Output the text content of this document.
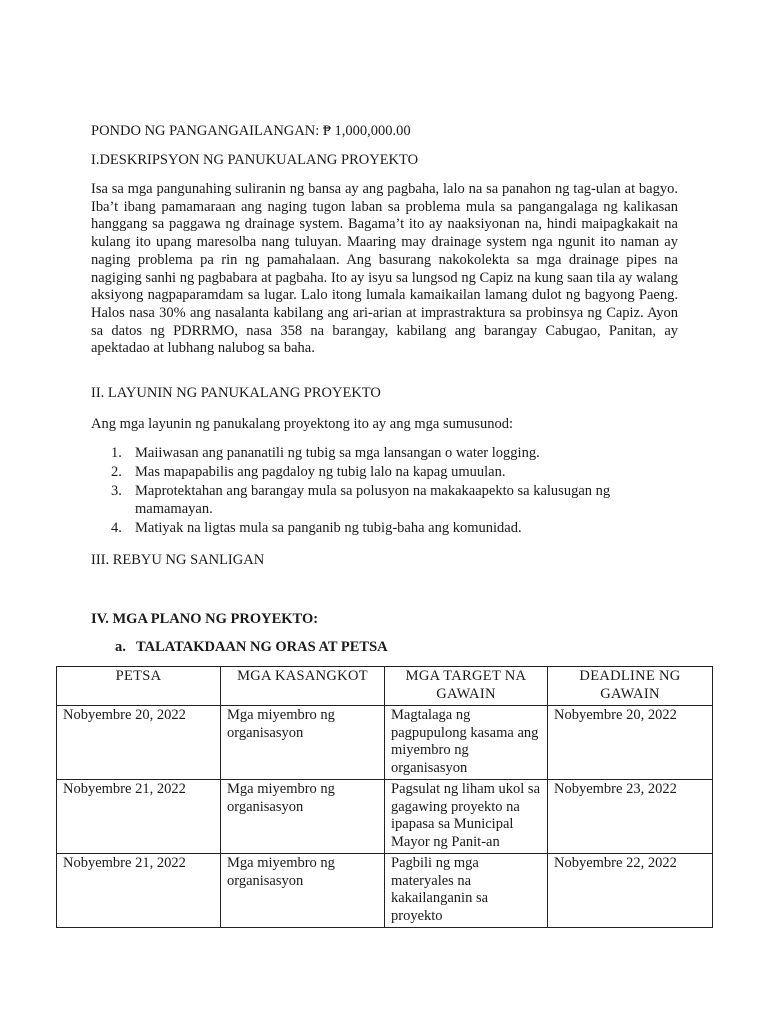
PONDO NG PANGANGAILANGAN: ₱ 1,000,000.00
I.DESKRIPSYON NG PANUKUALANG PROYEKTO
Isa sa mga pangunahing suliranin ng bansa ay ang pagbaha, lalo na sa panahon ng tag-ulan at bagyo. Iba’t ibang pamamaraan ang naging tugon laban sa problema mula sa pangangalaga ng kalikasan hanggang sa paggawa ng drainage system. Bagama’t ito ay naaksiyonan na, hindi maipagkakait na kulang ito upang maresolba nang tuluyan. Maaring may drainage system nga ngunit ito naman ay naging problema pa rin ng pamahalaan. Ang basurang nakokolekta sa mga drainage pipes na nagiging sanhi ng pagbabara at pagbaha. Ito ay isyu sa lungsod ng Capiz na kung saan tila ay walang aksiyong nagpaparamdam sa lugar. Lalo itong lumala kamaikailan lamang dulot ng bagyong Paeng. Halos nasa 30% ang nasalanta kabilang ang ari-arian at imprastraktura sa probinsya ng Capiz. Ayon sa datos ng PDRRMO, nasa 358 na barangay, kabilang ang barangay Cabugao, Panitan, ay apektadao at lubhang nalubog sa baha.
II. LAYUNIN NG PANUKALANG PROYEKTO
Ang mga layunin ng panukalang proyektong ito ay ang mga sumusunod:
1. Maiiwasan ang pananatili ng tubig sa mga lansangan o water logging.
2. Mas mapapabilis ang pagdaloy ng tubig lalo na kapag umuulan.
3. Maprotektahan ang barangay mula sa polusyon na makakaapekto sa kalusugan ng mamamayan.
4. Matiyak na ligtas mula sa panganib ng tubig-baha ang komunidad.
III. REBYU NG SANLIGAN
IV. MGA PLANO NG PROYEKTO:
a. TALATAKDAAN NG ORAS AT PETSA
PETSA	MGA KASANGKOT	MGA TARGET NA GAWAIN	DEADLINE NG GAWAIN
Nobyembre 20, 2022	Mga miyembro ng organisasyon	Magtalaga ng pagpupulong kasama ang miyembro ng organisasyon	Nobyembre 20, 2022
Nobyembre 21, 2022	Mga miyembro ng organisasyon	Pagsulat ng liham ukol sa gagawing proyekto na ipapasa sa Municipal Mayor ng Panit-an	Nobyembre 23, 2022
Nobyembre 21, 2022	Mga miyembro ng organisasyon	Pagbili ng mga materyales na kakailanganin sa proyekto	Nobyembre 22, 2022
